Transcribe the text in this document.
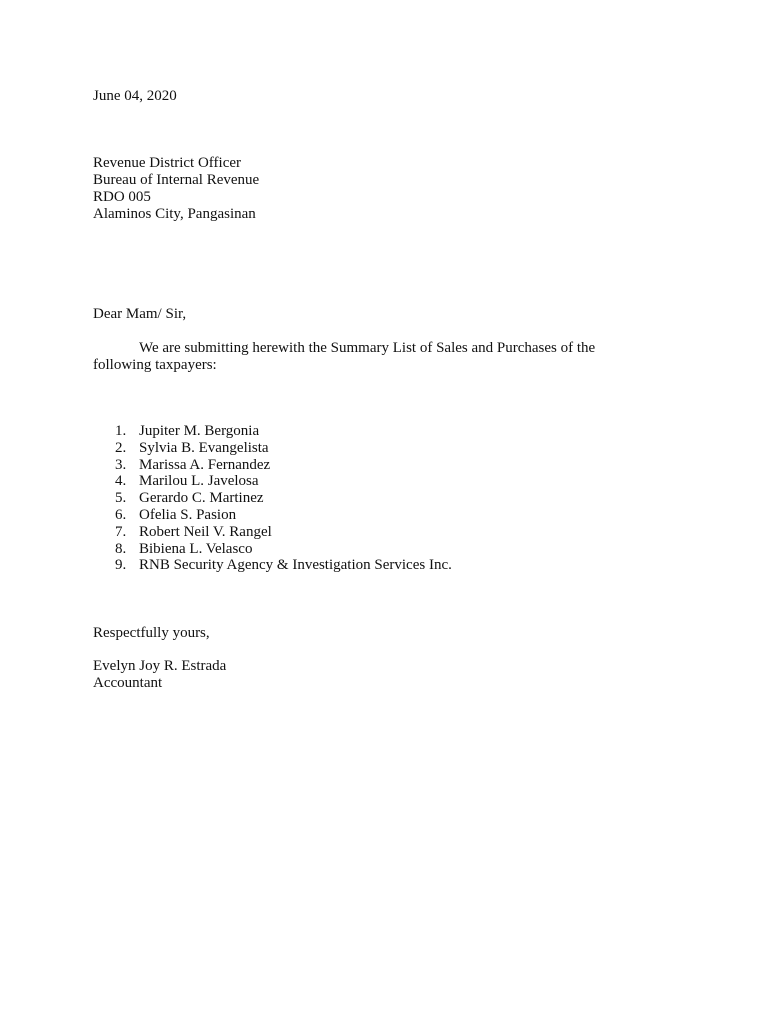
June 04, 2020
Revenue District Officer
Bureau of Internal Revenue
RDO 005
Alaminos City, Pangasinan
Dear Mam/ Sir,
We are submitting herewith the Summary List of Sales and Purchases of the
following taxpayers:
1. Jupiter M. Bergonia
2. Sylvia B. Evangelista
3. Marissa A. Fernandez
4. Marilou L. Javelosa
5. Gerardo C. Martinez
6. Ofelia S. Pasion
7. Robert Neil V. Rangel
8. Bibiena L. Velasco
9. RNB Security Agency & Investigation Services Inc.
Respectfully yours,
Evelyn Joy R. Estrada
Accountant
